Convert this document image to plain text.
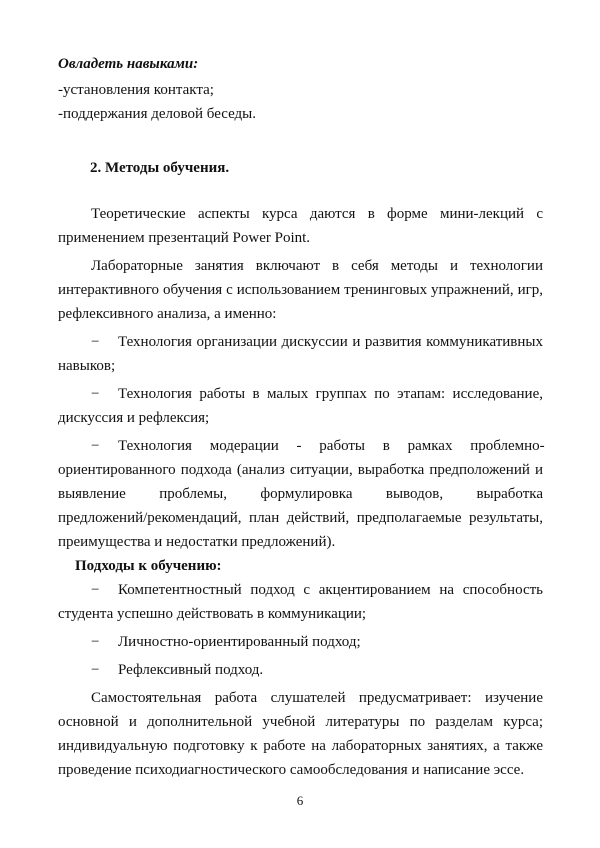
Овладеть навыками:
-установления контакта;
-поддержания деловой беседы.
2. Методы обучения.
Теоретические аспекты курса даются в форме мини-лекций с
применением презентаций Power Point.
Лабораторные занятия включают в себя методы и технологии
интерактивного обучения с использованием тренинговых упражнений, игр,
рефлексивного анализа, а именно:
−	Технология организации дискуссии и развития коммуникативных
навыков;
−	Технология работы в малых группах по этапам: исследование,
дискуссия и рефлексия;
−	Технология модерации - работы в рамках проблемно-
ориентированного подхода (анализ ситуации, выработка предположений и
выявление проблемы, формулировка выводов, выработка
предложений/рекомендаций, план действий, предполагаемые результаты,
преимущества и недостатки предложений).
Подходы к обучению:
−	Компетентностный подход с акцентированием на способность
студента успешно действовать в коммуникации;
−	Личностно-ориентированный подход;
−	Рефлексивный подход.
Самостоятельная работа слушателей предусматривает: изучение
основной и дополнительной учебной литературы по разделам курса;
индивидуальную подготовку к работе на лабораторных занятиях, а также
проведение психодиагностического самообследования и написание эссе.
6
